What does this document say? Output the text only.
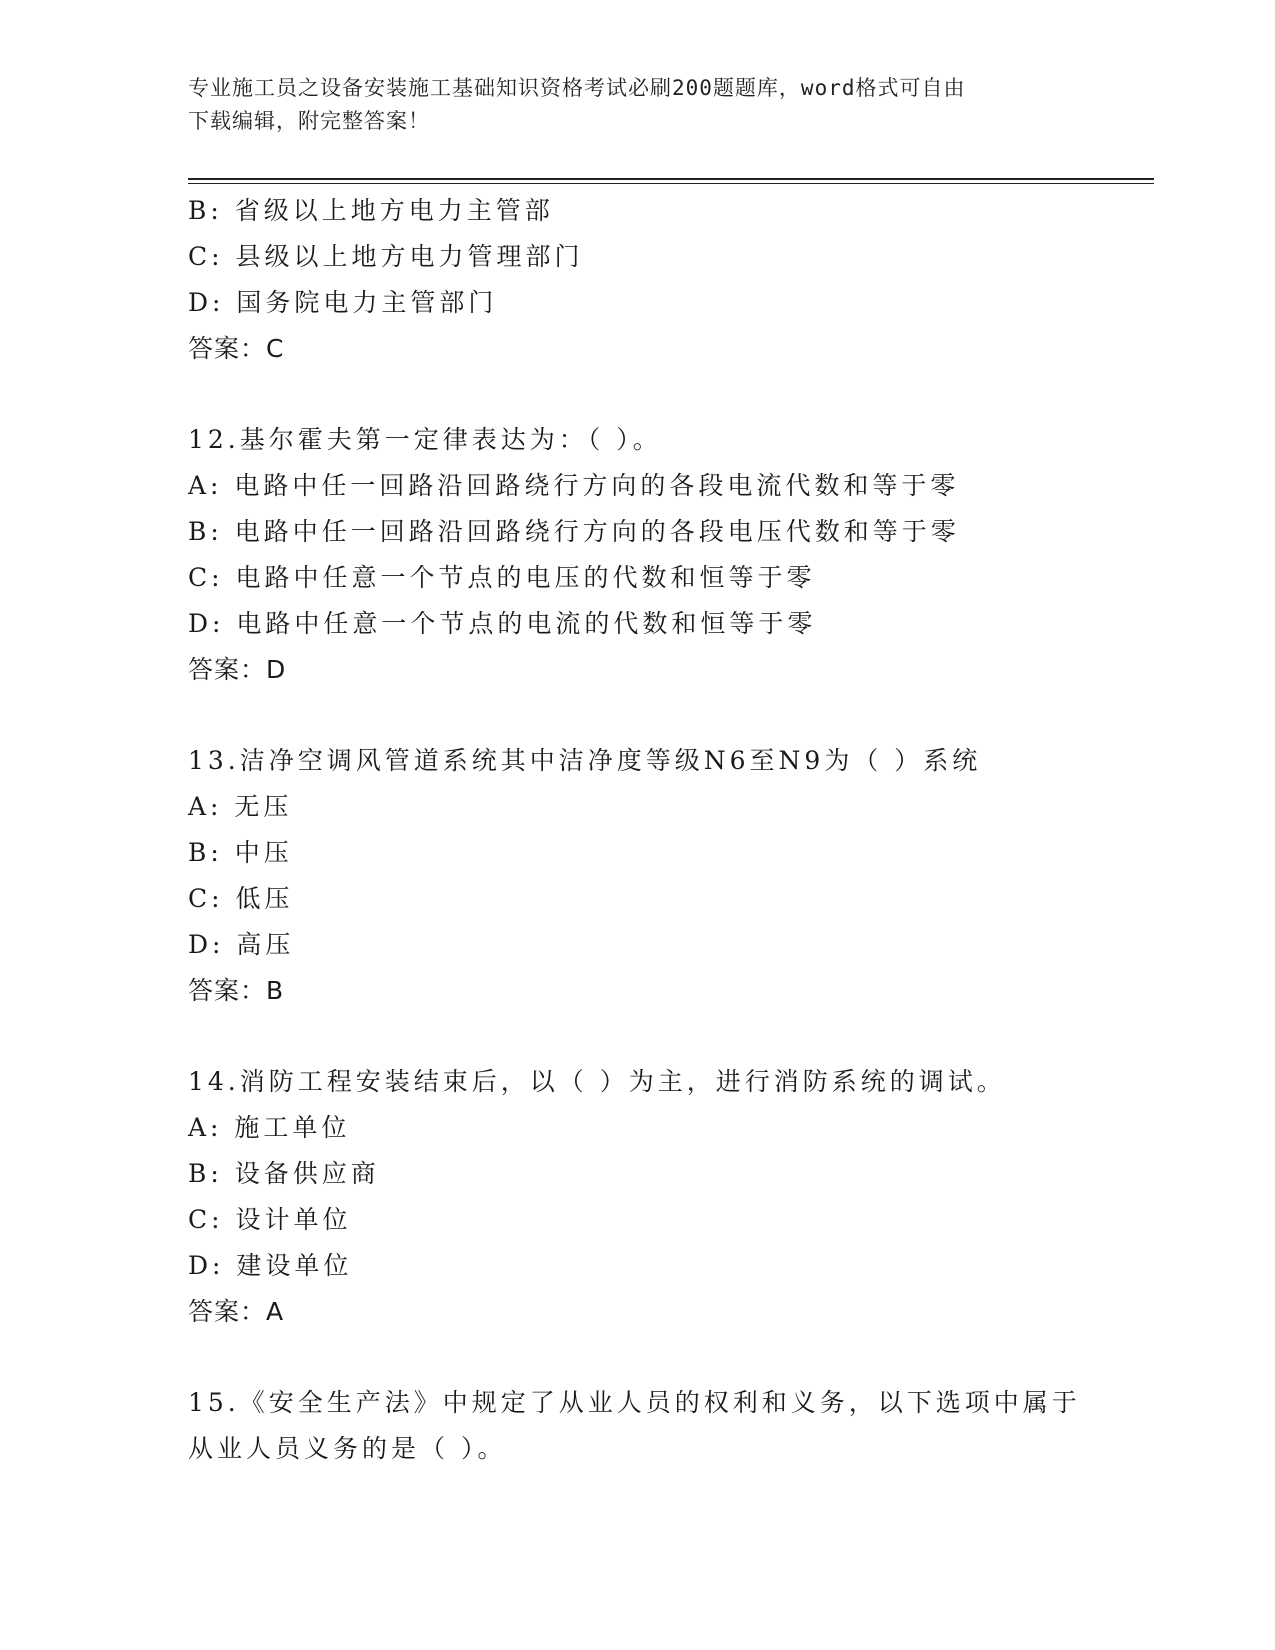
专业施工员之设备安装施工基础知识资格考试必刷200题题库，word格式可自由
下载编辑，附完整答案！
B: 省级以上地方电力主管部
C: 县级以上地方电力管理部门
D: 国务院电力主管部门
答案：C
12.基尔霍夫第一定律表达为：（ ）。
A: 电路中任一回路沿回路绕行方向的各段电流代数和等于零
B: 电路中任一回路沿回路绕行方向的各段电压代数和等于零
C: 电路中任意一个节点的电压的代数和恒等于零
D: 电路中任意一个节点的电流的代数和恒等于零
答案：D
13.洁净空调风管道系统其中洁净度等级N6至N9为（ ）系统
A: 无压
B: 中压
C: 低压
D: 高压
答案：B
14.消防工程安装结束后，以（ ）为主，进行消防系统的调试。
A: 施工单位
B: 设备供应商
C: 设计单位
D: 建设单位
答案：A
15.《安全生产法》中规定了从业人员的权利和义务，以下选项中属于
从业人员义务的是（ ）。
